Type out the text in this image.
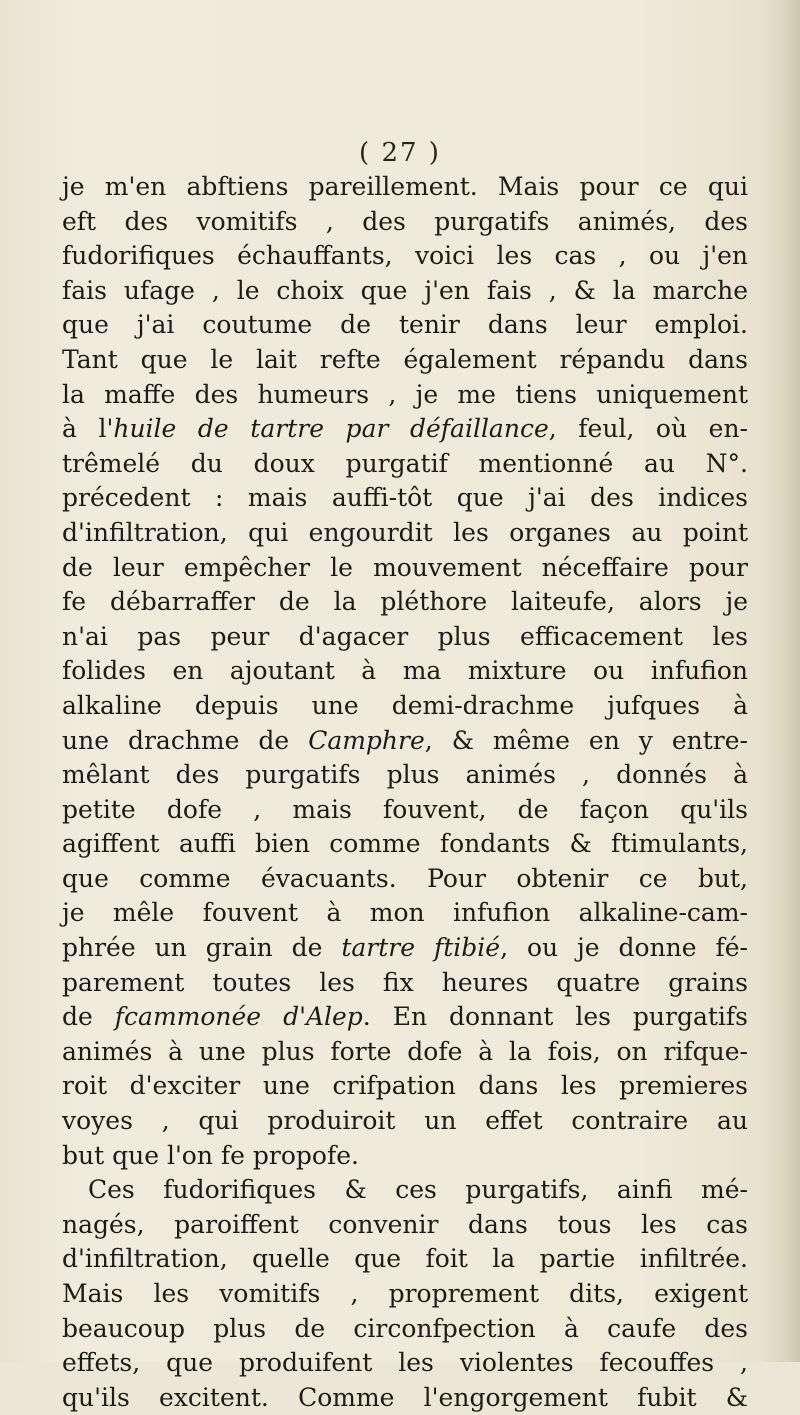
( 27 )
je m'en abftiens pareillement. Mais pour ce qui
eft des vomitifs , des purgatifs animés, des
fudorifiques échauffants, voici les cas , ou j'en
fais ufage , le choix que j'en fais , & la marche
que j'ai coutume de tenir dans leur emploi.
Tant que le lait refte également répandu dans
la maffe des humeurs , je me tiens uniquement
à l'huile de tartre par défaillance, feul, où en-
trêmelé du doux purgatif mentionné au N°.
précedent : mais auffi-tôt que j'ai des indices
d'infiltration, qui engourdit les organes au point
de leur empêcher le mouvement néceffaire pour
fe débarraffer de la pléthore laiteufe, alors je
n'ai pas peur d'agacer plus efficacement les
folides en ajoutant à ma mixture ou infufion
alkaline depuis une demi-drachme jufques à
une drachme de Camphre, & même en y entre-
mêlant des purgatifs plus animés , donnés à
petite dofe , mais fouvent, de façon qu'ils
agiffent auffi bien comme fondants & ftimulants,
que comme évacuants. Pour obtenir ce but,
je mêle fouvent à mon infufion alkaline-cam-
phrée un grain de tartre ftibié, ou je donne fé-
parement toutes les fix heures quatre grains
de fcammonée d'Alep. En donnant les purgatifs
animés à une plus forte dofe à la fois, on rifque-
roit d'exciter une crifpation dans les premieres
voyes , qui produiroit un effet contraire au
but que l'on fe propofe.
Ces fudorifiques & ces purgatifs, ainfi mé-
nagés, paroiffent convenir dans tous les cas
d'infiltration, quelle que foit la partie infiltrée.
Mais les vomitifs , proprement dits, exigent
beaucoup plus de circonfpection à caufe des
effets, que produifent les violentes fecouffes ,
qu'ils excitent. Comme l'engorgement fubit &
